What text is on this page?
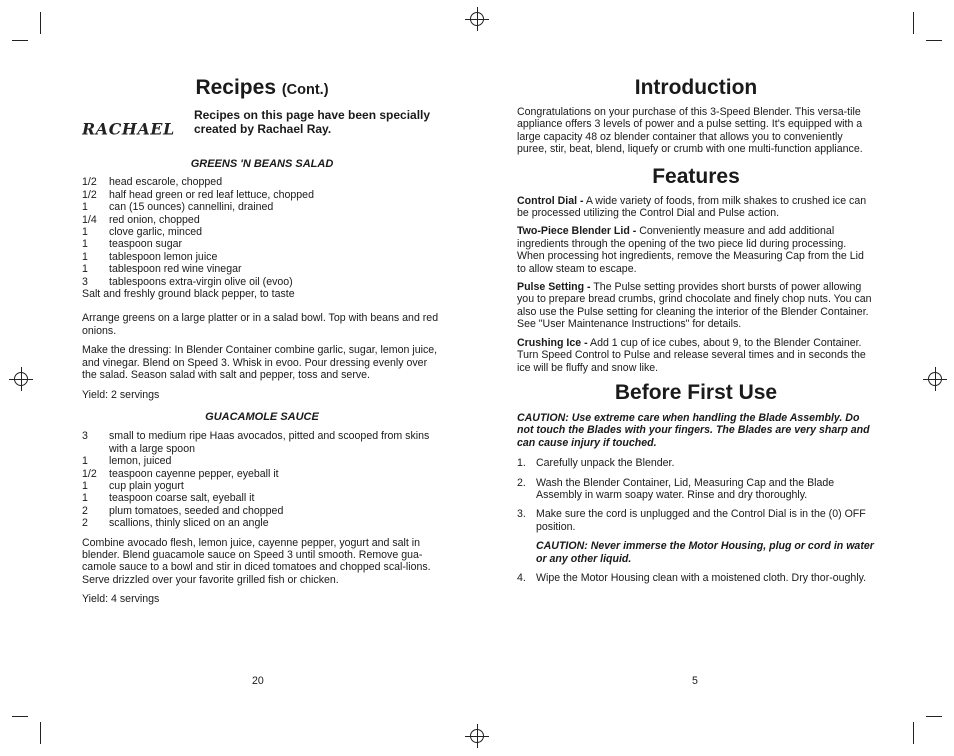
Recipes (Cont.)
RACHAEL
Recipes on this page have been specially created by Rachael Ray.

GREENS 'N BEANS SALAD

1/2	head escarole, chopped
1/2	half head green or red leaf lettuce, chopped
1	can (15 ounces) cannellini, drained
1/4	red onion, chopped
1	clove garlic, minced
1	teaspoon sugar
1	tablespoon lemon juice
1	tablespoon red wine vinegar
3	tablespoons extra-virgin olive oil (evoo)

Salt and freshly ground black pepper, to taste

Arrange greens on a large platter or in a salad bowl. Top with beans and red onions.

Make the dressing: In Blender Container combine garlic, sugar, lemon juice, and vinegar. Blend on Speed 3. Whisk in evoo. Pour dressing evenly over the salad. Season salad with salt and pepper, toss and serve.

Yield: 2 servings

GUACAMOLE SAUCE

3	small to medium ripe Haas avocados, pitted and scooped from skins with a large spoon
1	lemon, juiced
1/2	teaspoon cayenne pepper, eyeball it
1	cup plain yogurt
1	teaspoon coarse salt, eyeball it
2	plum tomatoes, seeded and chopped
2	scallions, thinly sliced on an angle

Combine avocado flesh, lemon juice, cayenne pepper, yogurt and salt in blender. Blend guacamole sauce on Speed 3 until smooth. Remove gua-camole sauce to a bowl and stir in diced tomatoes and chopped scal-lions. Serve drizzled over your favorite grilled fish or chicken.

Yield: 4 servings

20
Introduction

Congratulations on your purchase of this 3-Speed Blender. This versa-tile appliance offers 3 levels of power and a pulse setting. It's equipped with a large capacity 48 oz blender container that allows you to conveniently puree, stir, beat, blend, liquefy or crumb with one multi-function appliance.

Features

Control Dial - A wide variety of foods, from milk shakes to crushed ice can be processed utilizing the Control Dial and Pulse action.

Two-Piece Blender Lid - Conveniently measure and add additional ingredients through the opening of the two piece lid during processing. When processing hot ingredients, remove the Measuring Cap from the Lid to allow steam to escape.

Pulse Setting - The Pulse setting provides short bursts of power allowing you to prepare bread crumbs, grind chocolate and finely chop nuts. You can also use the Pulse setting for cleaning the interior of the Blender Container. See "User Maintenance Instructions" for details.

Crushing Ice - Add 1 cup of ice cubes, about 9, to the Blender Container. Turn Speed Control to Pulse and release several times and in seconds the ice will be fluffy and snow like.

Before First Use

CAUTION: Use extreme care when handling the Blade Assembly. Do not touch the Blades with your fingers. The Blades are very sharp and can cause injury if touched.

1. Carefully unpack the Blender.
2. Wash the Blender Container, Lid, Measuring Cap and the Blade Assembly in warm soapy water. Rinse and dry thoroughly.
3. Make sure the cord is unplugged and the Control Dial is in the (0) OFF position.

CAUTION: Never immerse the Motor Housing, plug or cord in water or any other liquid.

4. Wipe the Motor Housing clean with a moistened cloth. Dry thor-oughly.
5
